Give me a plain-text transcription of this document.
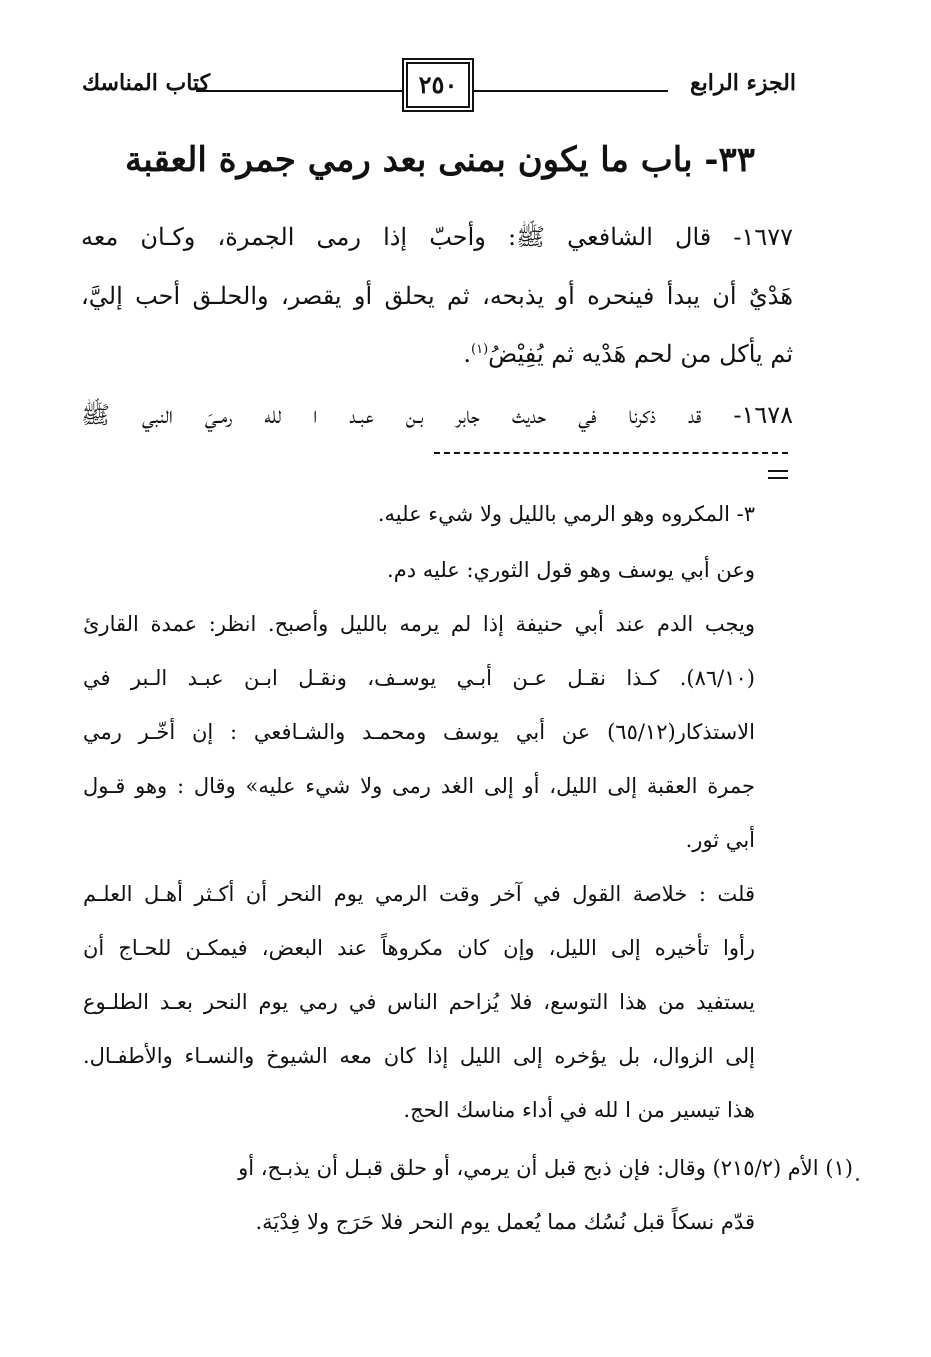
الجزء الرابع
٢٥٠
كتاب المناسك
٣٣- باب ما يكون بمنى بعد رمي جمرة العقبة
١٦٧٧- قال الشافعي ﷺ: وأحبّ إذا رمى الجمرة، وكـان معه
هَدْيٌ أن يبدأ فينحره أو يذبحه، ثم يحلق أو يقصر، والحلـق أحب إليَّ،
ثم يأكل من لحم هَدْيه ثم يُفِيْضُ$^{(١)}$.
١٦٧٨- قد ذكرنا في حديث جابر بـن عبـد ا لله رمـيَ النبي ﷺ
٣- المكروه وهو الرمي بالليل ولا شيء عليه.
وعن أبي يوسف وهو قول الثوري: عليه دم.
ويجب الدم عند أبي حنيفة إذا لم يرمه بالليل وأصبح. انظر: عمدة القارئ
(٨٦/١٠). كـذا نقـل عـن أبـي يوسـف، ونقـل ابـن عبـد الـبر في
الاستذكار(٦٥/١٢) عن أبي يوسف ومحمـد والشـافعي : إن أخّـر رمي
جمرة العقبة إلى الليل، أو إلى الغد رمى ولا شيء عليه» وقال : وهو قـول
أبي ثور.
قلت : خلاصة القول في آخر وقت الرمي يوم النحر أن أكـثر أهـل العلـم
رأوا تأخيره إلى الليل، وإن كان مكروهاً عند البعض، فيمكـن للحـاج أن
يستفيد من هذا التوسع، فلا يُزاحم الناس في رمي يوم النحر بعـد الطلـوع
إلى الزوال، بل يؤخره إلى الليل إذا كان معه الشيوخ والنسـاء والأطفـال.
هذا تيسير من ا لله في أداء مناسك الحج.
(١) الأم (٢١٥/٢) وقال: فإن ذبح قبل أن يرمي، أو حلق قبـل أن يذبـح، أو
قدّم نسكاً قبل نُسُك مما يُعمل يوم النحر فلا حَرَج ولا فِدْيَة.
